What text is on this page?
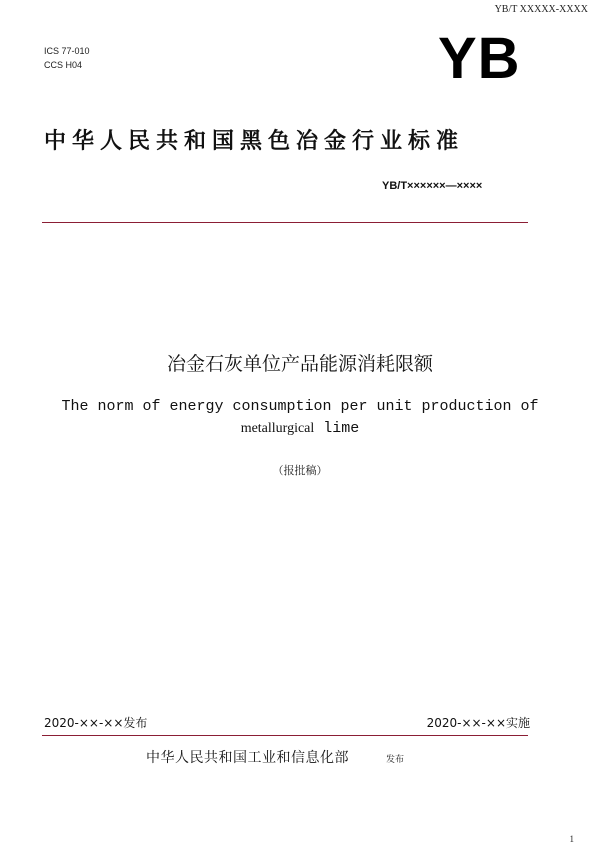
YB/T XXXXX-XXXX
ICS 77-010
CCS H04	YB
中华人民共和国黑色冶金行业标准
YB/T××××××—××××
冶金石灰单位产品能源消耗限额
The norm of energy consumption per unit production of
metallurgical lime
（报批稿）
2020-××-××发布	2020-××-××实施
中华人民共和国工业和信息化部	发布
1
